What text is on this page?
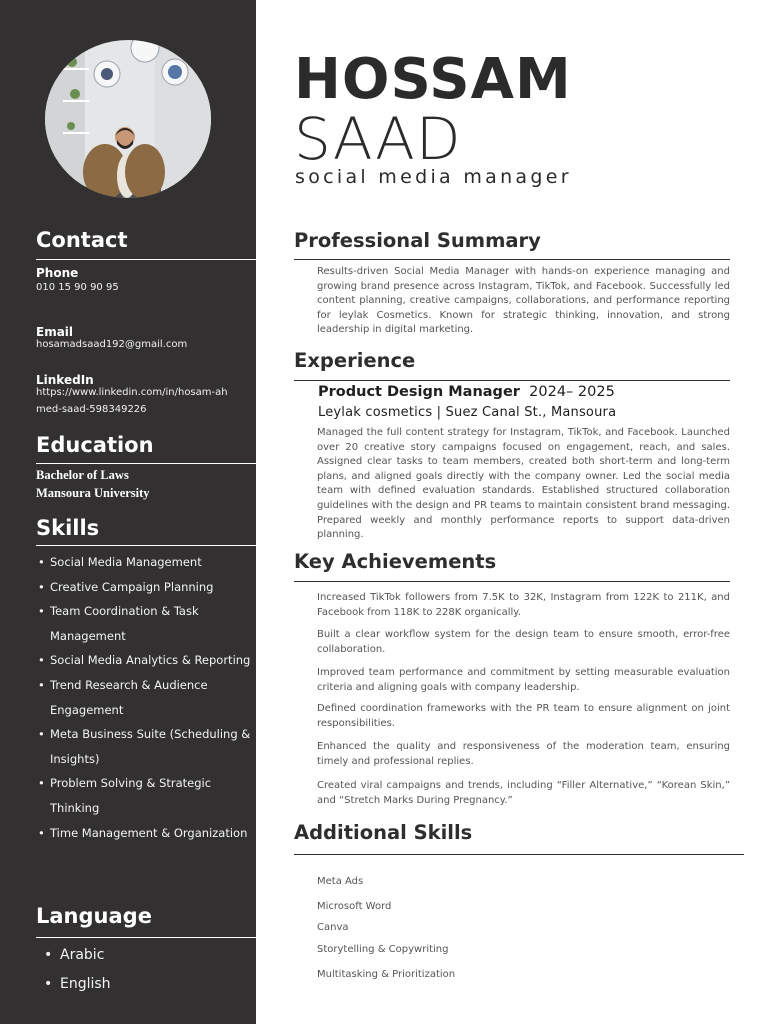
Contact
Phone
010 15 90 90 95
Email
hosamadsaad192@gmail.com
LinkedIn
https://www.linkedin.com/in/hosam-ahmed-saad-598349226
Education
Bachelor of Laws
Mansoura University
Skills
• Social Media Management
• Creative Campaign Planning
• Team Coordination & Task Management
• Social Media Analytics & Reporting
• Trend Research & Audience Engagement
• Meta Business Suite (Scheduling & Insights)
• Problem Solving & Strategic Thinking
• Time Management & Organization
Language
• Arabic
• English
HOSSAM
SAAD
social media manager
Professional Summary
Results-driven Social Media Manager with hands-on experience managing and growing brand presence across Instagram, TikTok, and Facebook. Successfully led content planning, creative campaigns, collaborations, and performance reporting for leylak Cosmetics. Known for strategic thinking, innovation, and strong leadership in digital marketing.
Experience
Product Design Manager 2024– 2025
Leylak cosmetics | Suez Canal St., Mansoura
Managed the full content strategy for Instagram, TikTok, and Facebook. Launched over 20 creative story campaigns focused on engagement, reach, and sales. Assigned clear tasks to team members, created both short-term and long-term plans, and aligned goals directly with the company owner. Led the social media team with defined evaluation standards. Established structured collaboration guidelines with the design and PR teams to maintain consistent brand messaging. Prepared weekly and monthly performance reports to support data-driven planning.
Key Achievements
Increased TikTok followers from 7.5K to 32K, Instagram from 122K to 211K, and Facebook from 118K to 228K organically.
Built a clear workflow system for the design team to ensure smooth, error-free collaboration.
Improved team performance and commitment by setting measurable evaluation criteria and aligning goals with company leadership.
Defined coordination frameworks with the PR team to ensure alignment on joint responsibilities.
Enhanced the quality and responsiveness of the moderation team, ensuring timely and professional replies.
Created viral campaigns and trends, including “Filler Alternative,” “Korean Skin,” and “Stretch Marks During Pregnancy.”
Additional Skills
Meta Ads
Microsoft Word
Canva
Storytelling & Copywriting
Multitasking & Prioritization
